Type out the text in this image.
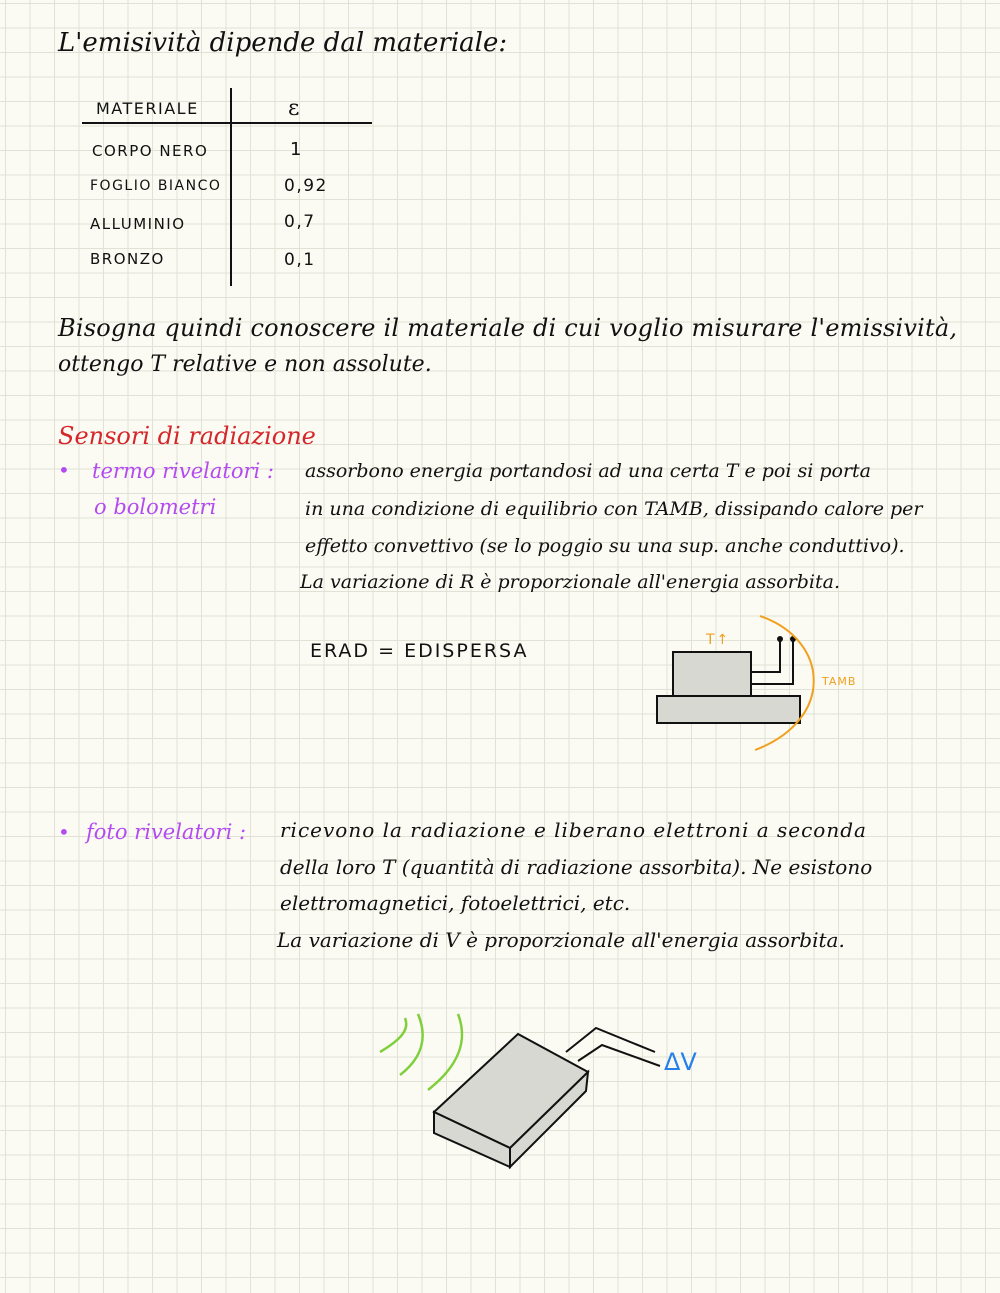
L'emisività dipende dal materiale:
MATERIALE	ε
CORPO NERO	1
FOGLIO BIANCO	0,92
ALLUMINIO	0,7
BRONZO	0,1
Bisogna quindi conoscere il materiale di cui voglio misurare l'emissività,
ottengo T relative e non assolute.
Sensori di radiazione
• termo rivelatori :
o bolometri
assorbono energia portandosi ad una certa T e poi si porta
in una condizione di equilibrio con TAMB, dissipando calore per
effetto convettivo (se lo poggio su una sup. anche conduttivo).
La variazione di R è proporzionale all'energia assorbita.
ERAD = EDISPERSA	T↑
TAMB
• foto rivelatori : ricevono la radiazione e liberano elettroni a seconda
della loro T (quantità di radiazione assorbita). Ne esistono
elettromagnetici, fotoelettrici, etc.
La variazione di V è proporzionale all'energia assorbita.
ΔV
